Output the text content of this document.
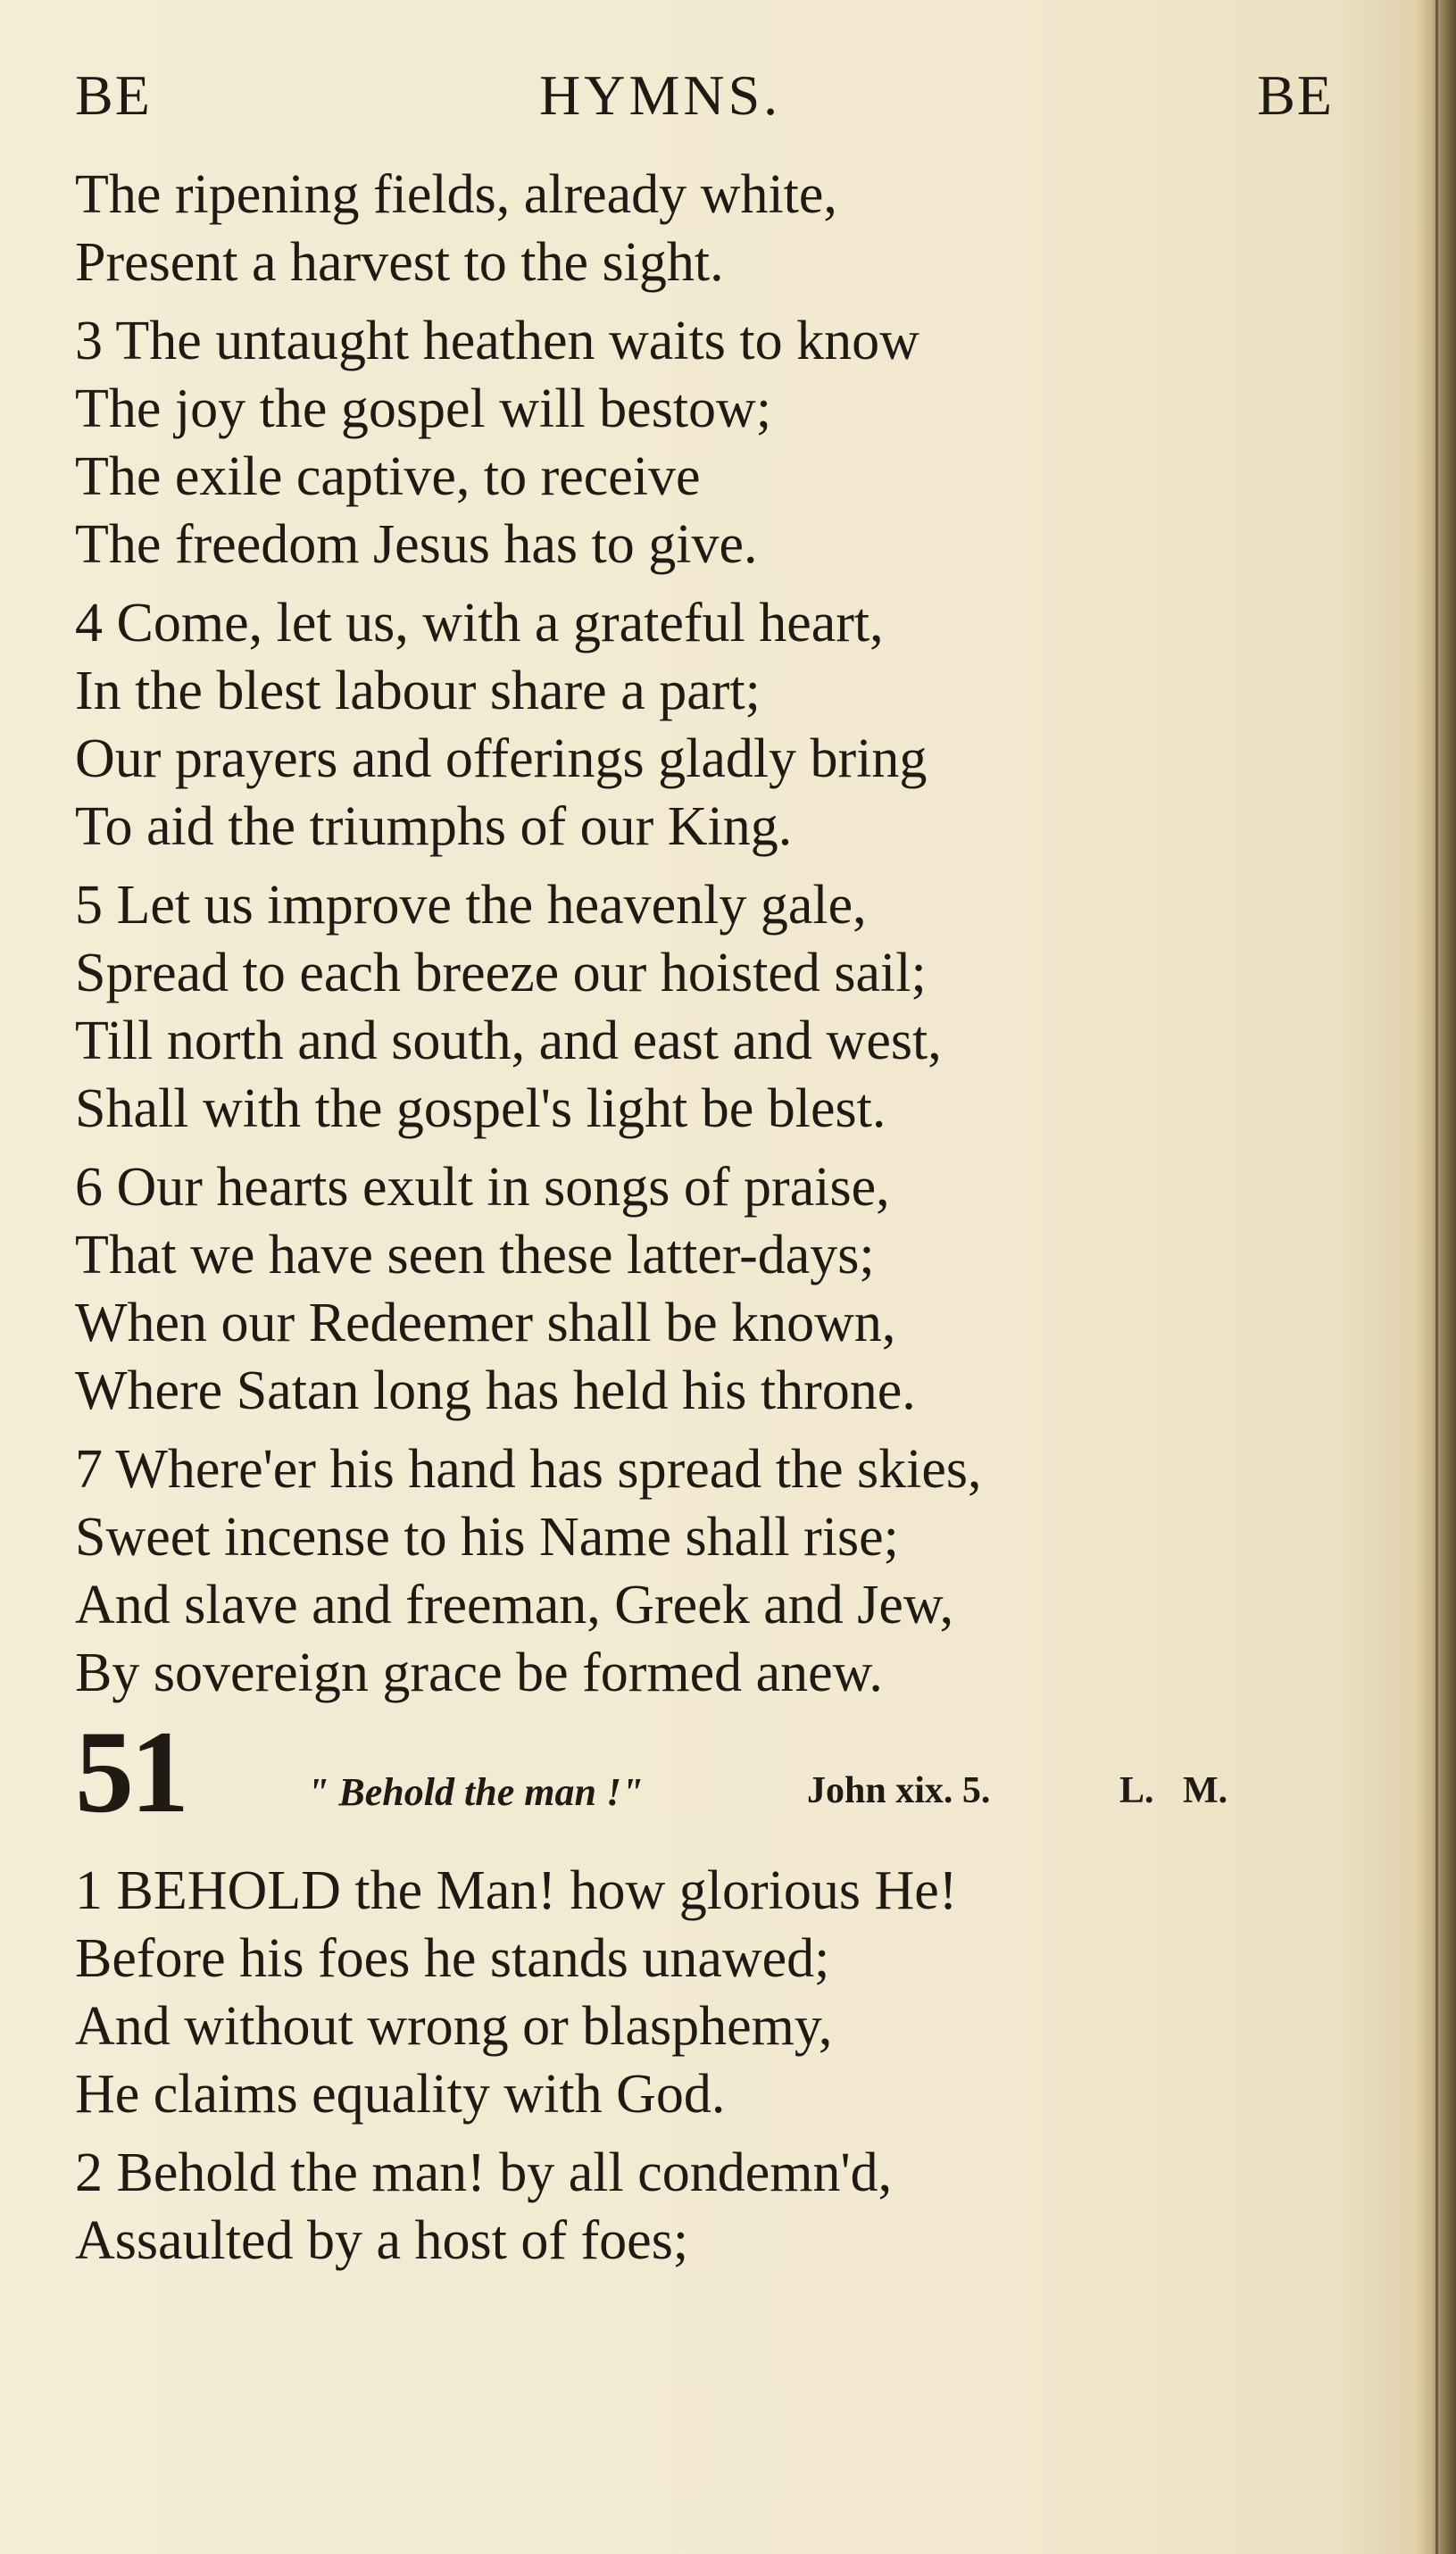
BE	HYMNS.	BE
The ripening fields, already white,
Present a harvest to the sight.
3 The untaught heathen waits to know
The joy the gospel will bestow;
The exile captive, to receive
The freedom Jesus has to give.
4 Come, let us, with a grateful heart,
In the blest labour share a part;
Our prayers and offerings gladly bring
To aid the triumphs of our King.
5 Let us improve the heavenly gale,
Spread to each breeze our hoisted sail;
Till north and south, and east and west,
Shall with the gospel's light be blest.
6 Our hearts exult in songs of praise,
That we have seen these latter-days;
When our Redeemer shall be known,
Where Satan long has held his throne.
7 Where'er his hand has spread the skies,
Sweet incense to his Name shall rise;
And slave and freeman, Greek and Jew,
By sovereign grace be formed anew.
51	" Behold the man !"	John xix. 5.	L. M.
1 BEHOLD the Man! how glorious He!
Before his foes he stands unawed;
And without wrong or blasphemy,
He claims equality with God.
2 Behold the man! by all condemn'd,
Assaulted by a host of foes;
